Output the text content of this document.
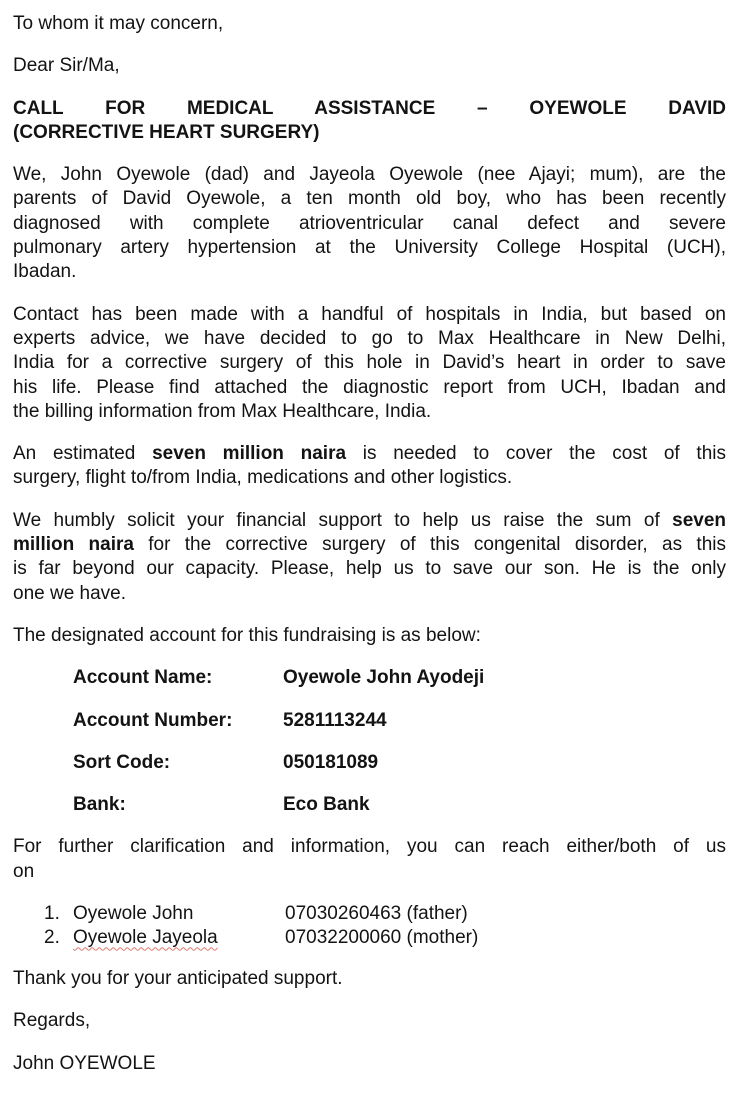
To whom it may concern,
Dear Sir/Ma,
CALL FOR MEDICAL ASSISTANCE – OYEWOLE DAVID
(CORRECTIVE HEART SURGERY)
We, John Oyewole (dad) and Jayeola Oyewole (nee Ajayi; mum), are the
parents of David Oyewole, a ten month old boy, who has been recently
diagnosed with complete atrioventricular canal defect and severe
pulmonary artery hypertension at the University College Hospital (UCH),
Ibadan.
Contact has been made with a handful of hospitals in India, but based on
experts advice, we have decided to go to Max Healthcare in New Delhi,
India for a corrective surgery of this hole in David’s heart in order to save
his life. Please find attached the diagnostic report from UCH, Ibadan and
the billing information from Max Healthcare, India.
An estimated seven million naira is needed to cover the cost of this
surgery, flight to/from India, medications and other logistics.
We humbly solicit your financial support to help us raise the sum of seven
million naira for the corrective surgery of this congenital disorder, as this
is far beyond our capacity. Please, help us to save our son. He is the only
one we have.
The designated account for this fundraising is as below:
Account Name:	Oyewole John Ayodeji
Account Number:	5281113244
Sort Code:	050181089
Bank:	Eco Bank
For further clarification and information, you can reach either/both of us
on
1. Oyewole John	07030260463 (father)
2. Oyewole Jayeola	07032200060 (mother)
Thank you for your anticipated support.
Regards,
John OYEWOLE
